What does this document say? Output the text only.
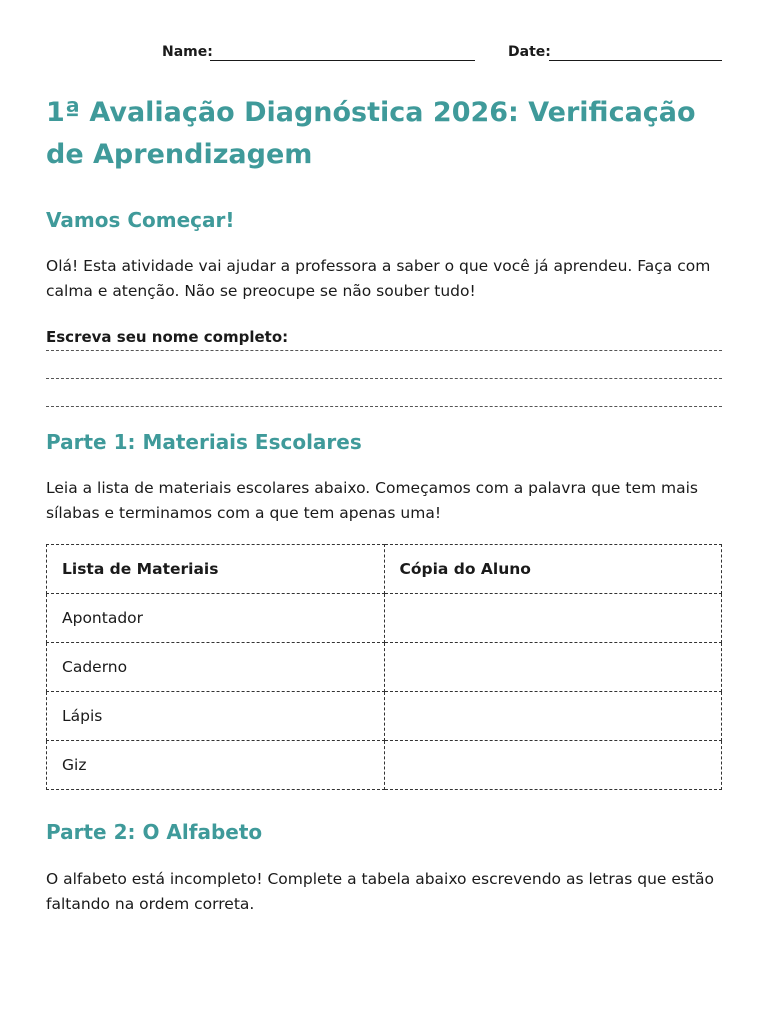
Name:	Date:
1ª Avaliação Diagnóstica 2026: Verificação de Aprendizagem
Vamos Começar!

Olá! Esta atividade vai ajudar a professora a saber o que você já aprendeu. Faça com calma e atenção. Não se preocupe se não souber tudo!

Escreva seu nome completo:
Parte 1: Materiais Escolares

Leia a lista de materiais escolares abaixo. Começamos com a palavra que tem mais sílabas e terminamos com a que tem apenas uma!

Lista de Materiais	Cópia do Aluno
Apontador	
Caderno	
Lápis	
Giz	
Parte 2: O Alfabeto

O alfabeto está incompleto! Complete a tabela abaixo escrevendo as letras que estão faltando na ordem correta.
